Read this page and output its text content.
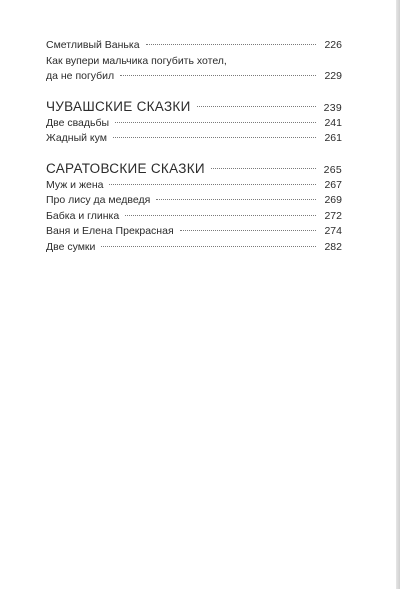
Сметливый Ванька	226
Как вупери мальчика погубить хотел,
да не погубил	229
ЧУВАШСКИЕ СКАЗКИ	239
Две свадьбы	241
Жадный кум	261
САРАТОВСКИЕ СКАЗКИ	265
Муж и жена	267
Про лису да медведя	269
Бабка и глинка	272
Ваня и Елена Прекрасная	274
Две сумки	282
